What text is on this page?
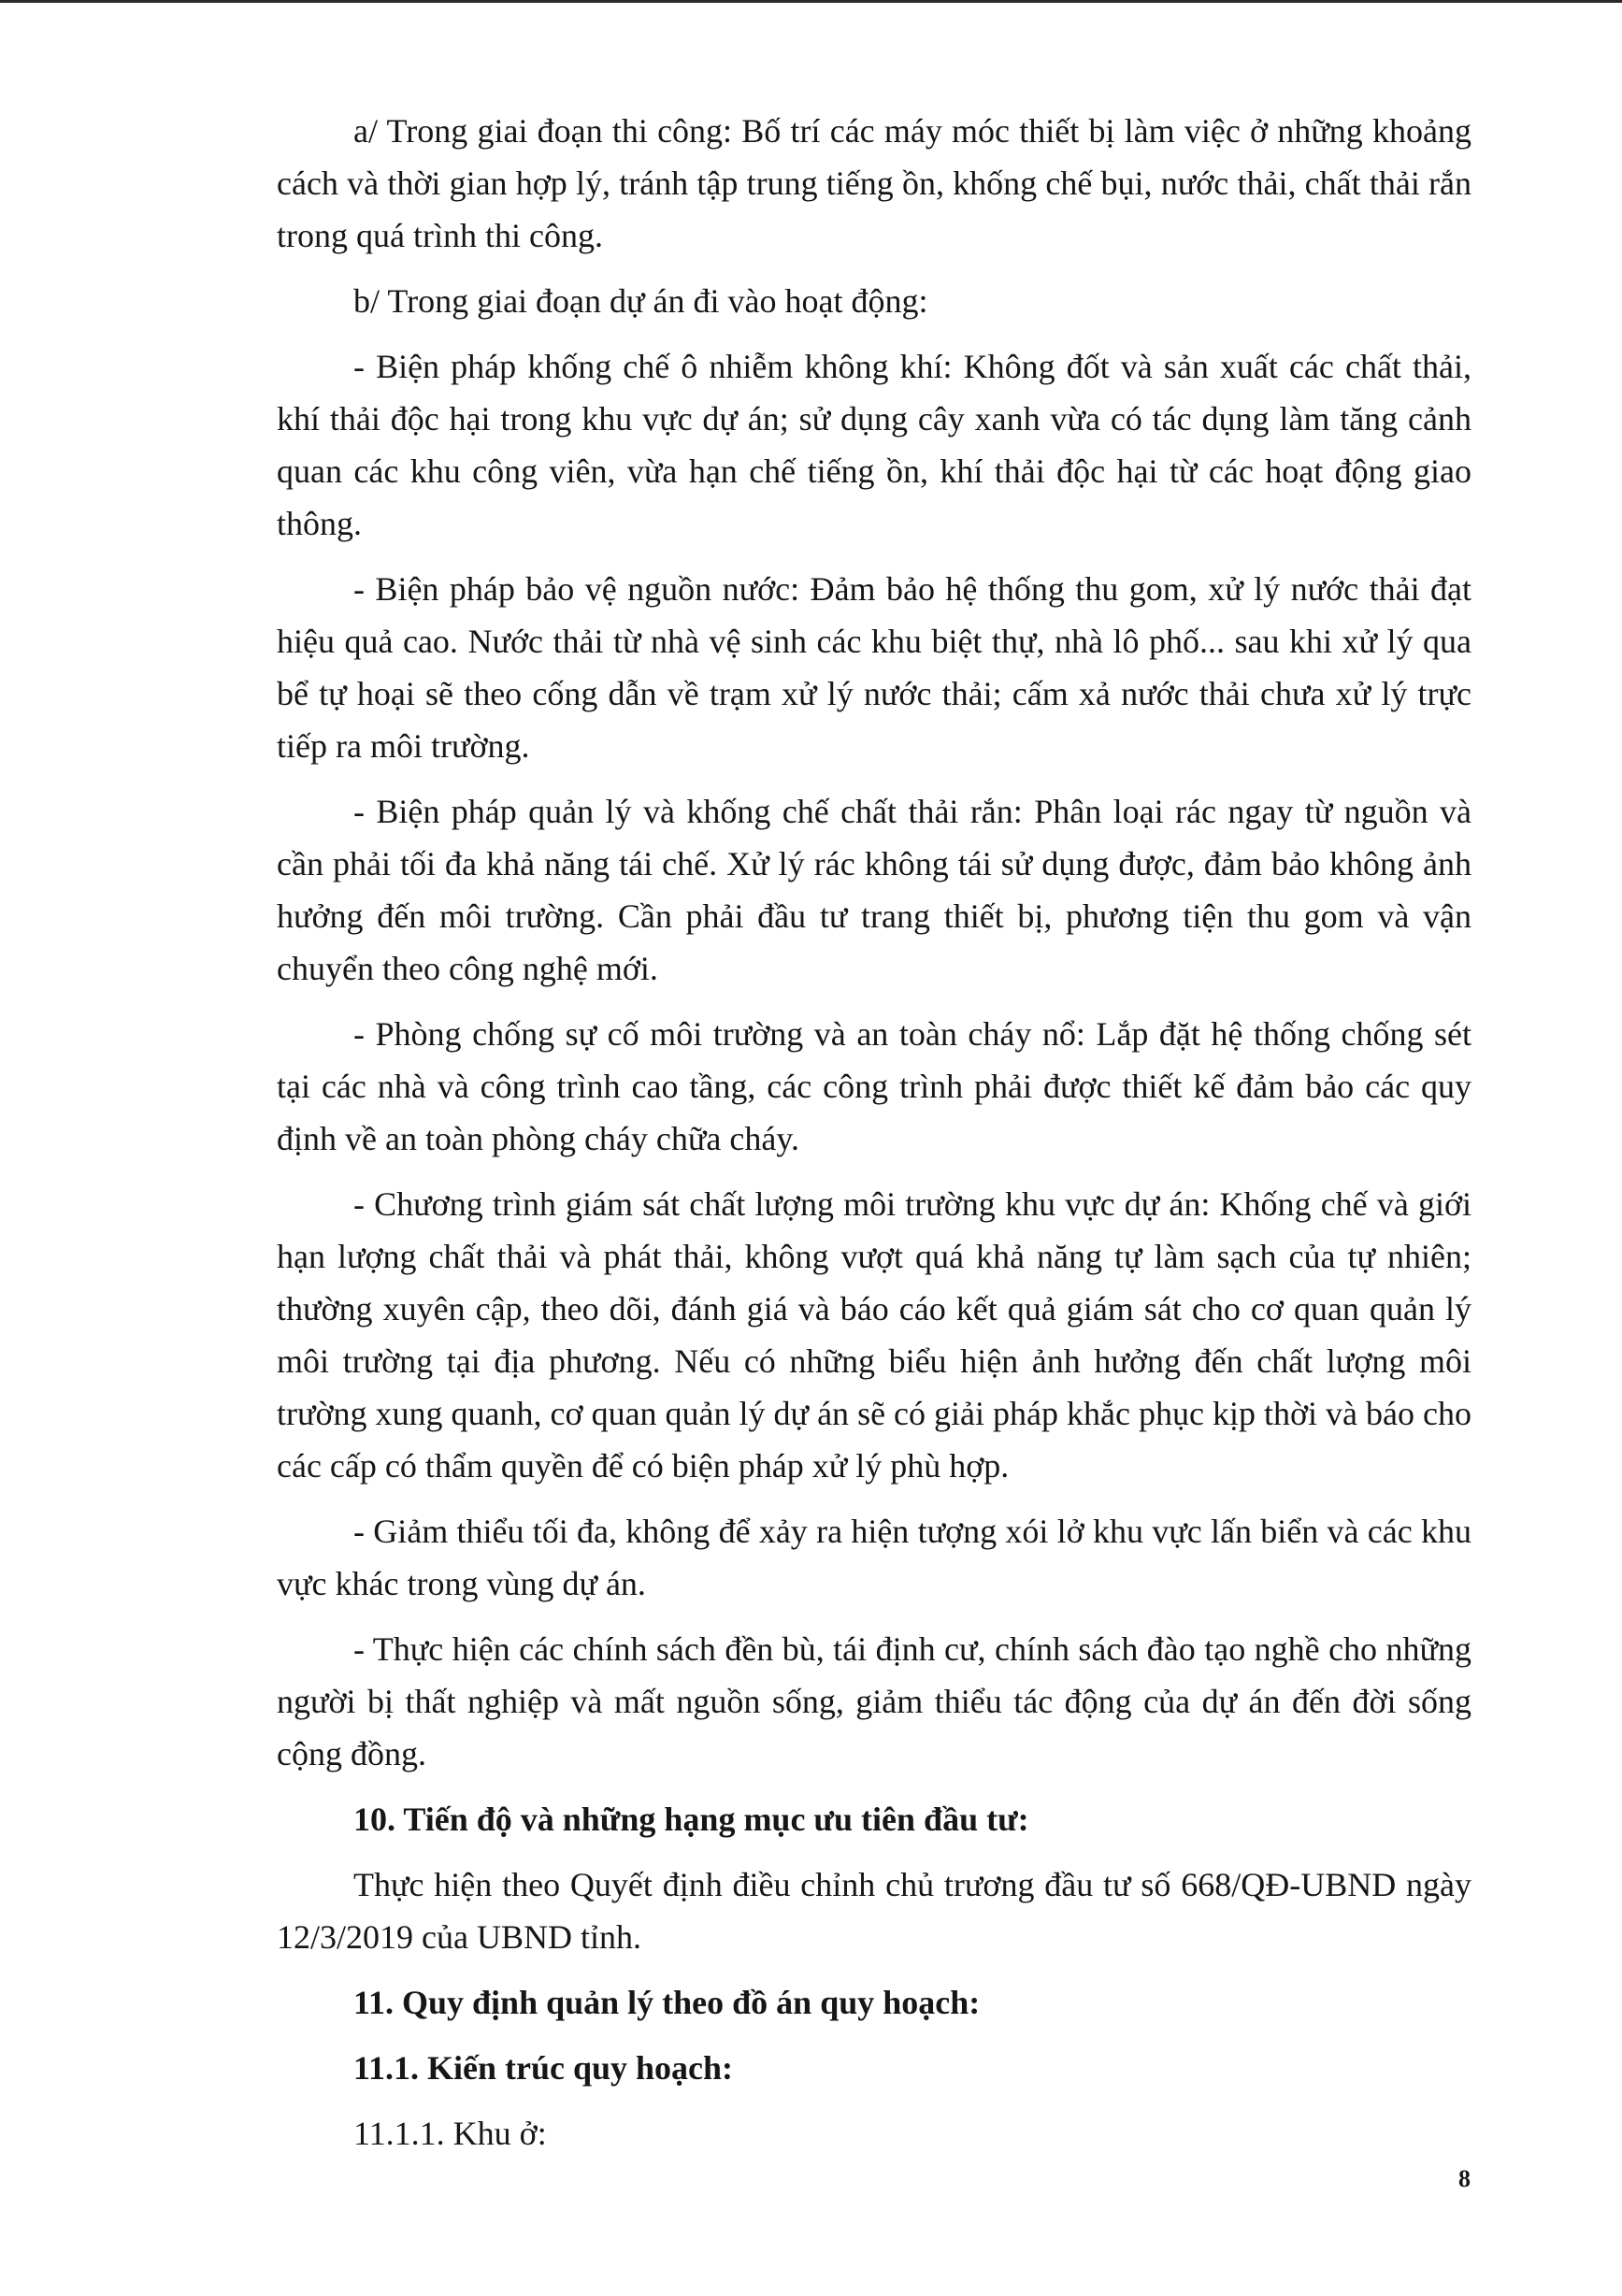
a/ Trong giai đoạn thi công: Bố trí các máy móc thiết bị làm việc ở những khoảng cách và thời gian hợp lý, tránh tập trung tiếng ồn, khống chế bụi, nước thải, chất thải rắn trong quá trình thi công.

b/ Trong giai đoạn dự án đi vào hoạt động:

- Biện pháp khống chế ô nhiễm không khí: Không đốt và sản xuất các chất thải, khí thải độc hại trong khu vực dự án; sử dụng cây xanh vừa có tác dụng làm tăng cảnh quan các khu công viên, vừa hạn chế tiếng ồn, khí thải độc hại từ các hoạt động giao thông.

- Biện pháp bảo vệ nguồn nước: Đảm bảo hệ thống thu gom, xử lý nước thải đạt hiệu quả cao. Nước thải từ nhà vệ sinh các khu biệt thự, nhà lô phố... sau khi xử lý qua bể tự hoại sẽ theo cống dẫn về trạm xử lý nước thải; cấm xả nước thải chưa xử lý trực tiếp ra môi trường.

- Biện pháp quản lý và khống chế chất thải rắn: Phân loại rác ngay từ nguồn và cần phải tối đa khả năng tái chế. Xử lý rác không tái sử dụng được, đảm bảo không ảnh hưởng đến môi trường. Cần phải đầu tư trang thiết bị, phương tiện thu gom và vận chuyển theo công nghệ mới.

- Phòng chống sự cố môi trường và an toàn cháy nổ: Lắp đặt hệ thống chống sét tại các nhà và công trình cao tầng, các công trình phải được thiết kế đảm bảo các quy định về an toàn phòng cháy chữa cháy.

- Chương trình giám sát chất lượng môi trường khu vực dự án: Khống chế và giới hạn lượng chất thải và phát thải, không vượt quá khả năng tự làm sạch của tự nhiên; thường xuyên cập, theo dõi, đánh giá và báo cáo kết quả giám sát cho cơ quan quản lý môi trường tại địa phương. Nếu có những biểu hiện ảnh hưởng đến chất lượng môi trường xung quanh, cơ quan quản lý dự án sẽ có giải pháp khắc phục kịp thời và báo cho các cấp có thẩm quyền để có biện pháp xử lý phù hợp.

- Giảm thiểu tối đa, không để xảy ra hiện tượng xói lở khu vực lấn biển và các khu vực khác trong vùng dự án.

- Thực hiện các chính sách đền bù, tái định cư, chính sách đào tạo nghề cho những người bị thất nghiệp và mất nguồn sống, giảm thiểu tác động của dự án đến đời sống cộng đồng.

10. Tiến độ và những hạng mục ưu tiên đầu tư:

Thực hiện theo Quyết định điều chỉnh chủ trương đầu tư số 668/QĐ-UBND ngày 12/3/2019 của UBND tỉnh.

11. Quy định quản lý theo đồ án quy hoạch:

11.1. Kiến trúc quy hoạch:

11.1.1. Khu ở:

8
